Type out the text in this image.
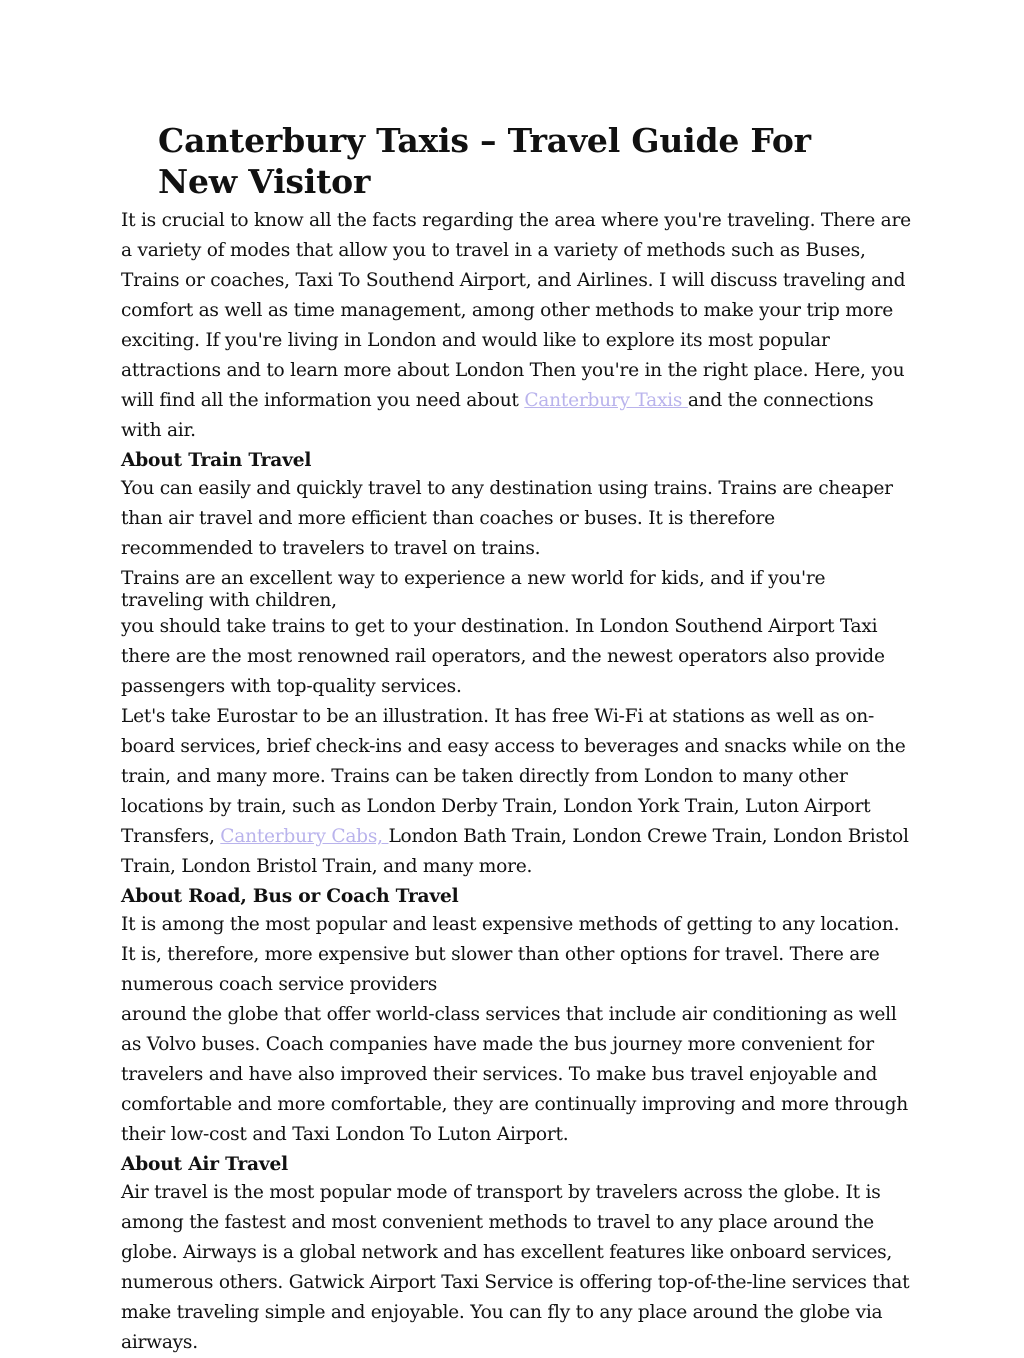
Canterbury Taxis – Travel Guide For New Visitor

It is crucial to know all the facts regarding the area where you're traveling. There are a variety of modes that allow you to travel in a variety of methods such as Buses, Trains or coaches, Taxi To Southend Airport, and Airlines. I will discuss traveling and comfort as well as time management, among other methods to make your trip more exciting. If you're living in London and would like to explore its most popular attractions and to learn more about London Then you're in the right place. Here, you will find all the information you need about Canterbury Taxis and the connections with air.

About Train Travel

You can easily and quickly travel to any destination using trains. Trains are cheaper than air travel and more efficient than coaches or buses. It is therefore recommended to travelers to travel on trains.

Trains are an excellent way to experience a new world for kids, and if you're traveling with children,

you should take trains to get to your destination. In London Southend Airport Taxi there are the most renowned rail operators, and the newest operators also provide passengers with top-quality services.

Let's take Eurostar to be an illustration. It has free Wi-Fi at stations as well as on-board services, brief check-ins and easy access to beverages and snacks while on the train, and many more. Trains can be taken directly from London to many other locations by train, such as London Derby Train, London York Train, Luton Airport Transfers, Canterbury Cabs, London Bath Train, London Crewe Train, London Bristol Train, London Bristol Train, and many more.

About Road, Bus or Coach Travel

It is among the most popular and least expensive methods of getting to any location. It is, therefore, more expensive but slower than other options for travel. There are numerous coach service providers

around the globe that offer world-class services that include air conditioning as well as Volvo buses. Coach companies have made the bus journey more convenient for travelers and have also improved their services. To make bus travel enjoyable and comfortable and more comfortable, they are continually improving and more through their low-cost and Taxi London To Luton Airport.

About Air Travel

Air travel is the most popular mode of transport by travelers across the globe. It is among the fastest and most convenient methods to travel to any place around the globe. Airways is a global network and has excellent features like onboard services, numerous others. Gatwick Airport Taxi Service is offering top-of-the-line services that make traveling simple and enjoyable. You can fly to any place around the globe via airways.
